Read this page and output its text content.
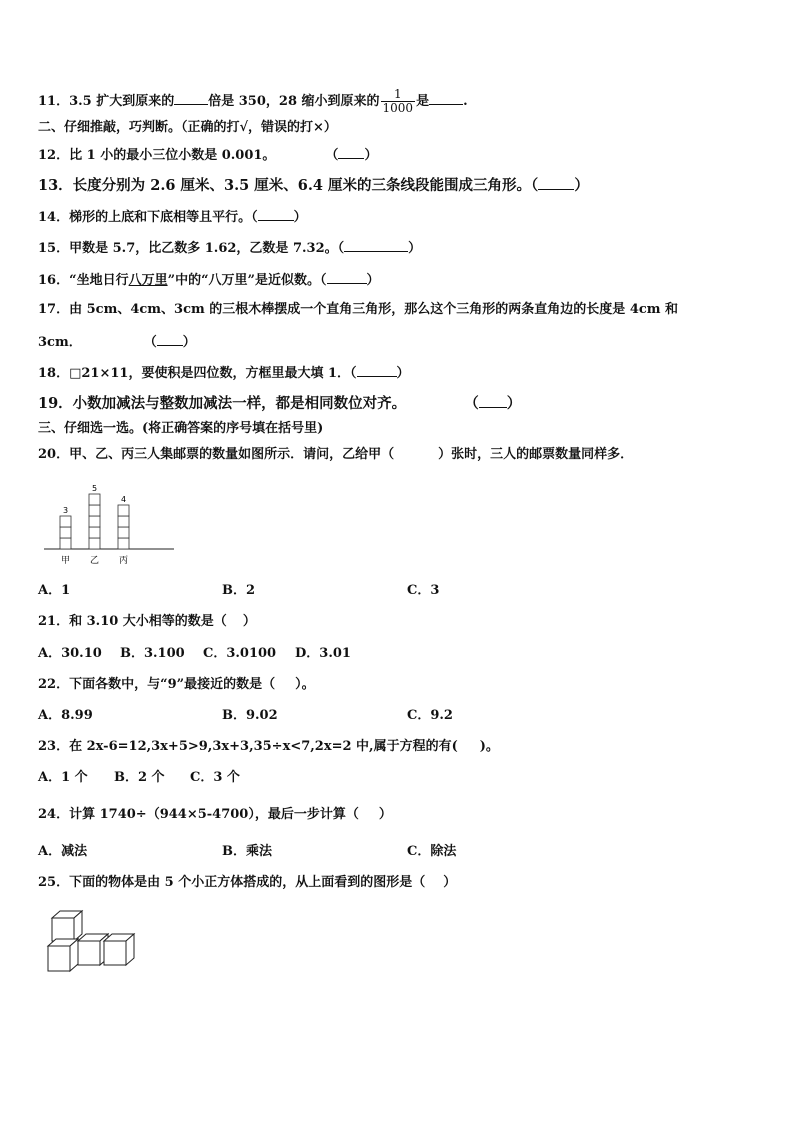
11．3.5 扩大到原来的	倍是 350，28 缩小到原来的 $\frac{1}{1000}$ 是	.
二、仔细推敲，巧判断。（正确的打√，错误的打×）
12．比 1 小的最小三位小数是 0.001。	（ ）
13．长度分别为 2.6 厘米、3.5 厘米、6.4 厘米的三条线段能围成三角形。（ ）
14．梯形的上底和下底相等且平行。（	）
15．甲数是 5.7，比乙数多 1.62，乙数是 7.32。（	）
16．“坐地日行八万里”中的“八万里”是近似数。（	）
17．由 5cm、4cm、3cm 的三根木棒摆成一个直角三角形，那么这个三角形的两条直角边的长度是 4cm 和
3cm．	（ ）
18．□21×11，要使积是四位数，方框里最大填 1．（	）
19．小数加减法与整数加减法一样，都是相同数位对齐。	（ ）
三、仔细选一选。(将正确答案的序号填在括号里)
20．甲、乙、丙三人集邮票的数量如图所示．请问，乙给甲（	）张时，三人的邮票数量同样多．
3
甲
5
乙
4
丙
A．1	B．2	C．3
21．和 3.10 大小相等的数是（ ）
A．30.10 B．3.100 C．3.0100 D．3.01
22．下面各数中，与“9”最接近的数是（ ）。
A．8.99	B．9.02	C．9.2
23．在 2x-6=12,3x+5>9,3x+3,35÷x<7,2x=2 中,属于方程的有( )。
A．1 个 B．2 个 C．3 个
24．计算 1740÷（944×5-4700），最后一步计算（ ）
A．减法	B．乘法	C．除法
25．下面的物体是由 5 个小正方体搭成的，从上面看到的图形是（ ）
